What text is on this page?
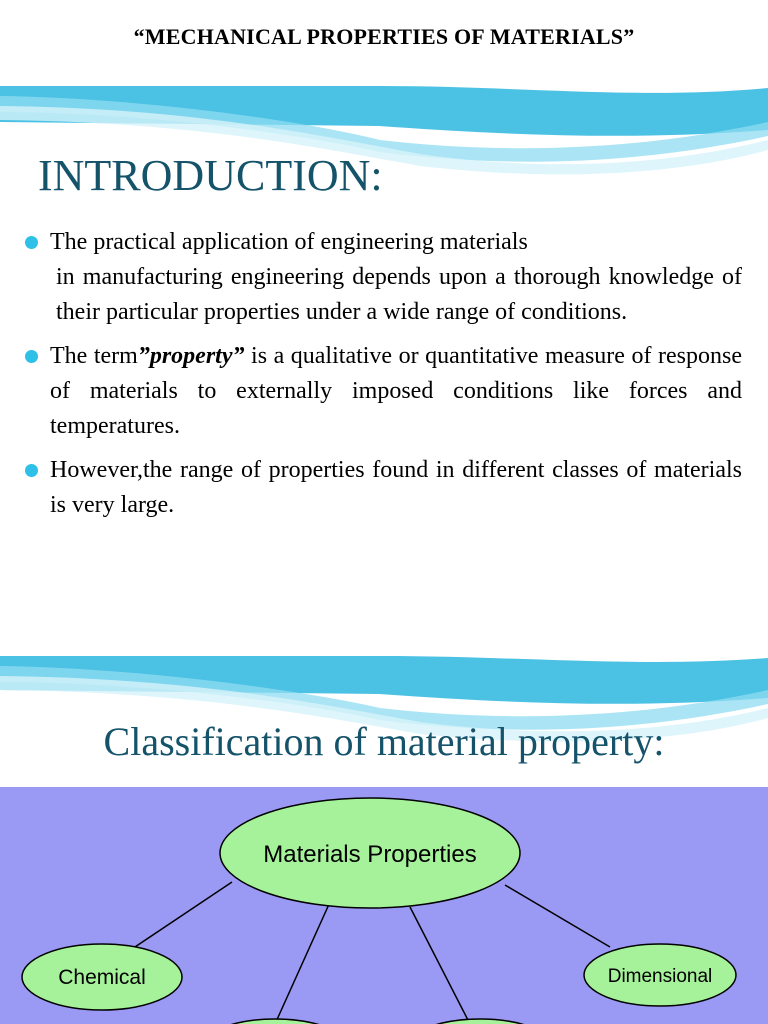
“MECHANICAL PROPERTIES OF MATERIALS”
INTRODUCTION:
The practical application of engineering materials
in manufacturing engineering depends upon a thorough knowledge of their particular properties under a wide range of conditions.
The term”property” is a qualitative or quantitative measure of response of materials to externally imposed conditions like forces and temperatures.
However,the range of properties found in different classes of materials is very large.
Classification of material property:
Materials Properties
Chemical	Dimensional
